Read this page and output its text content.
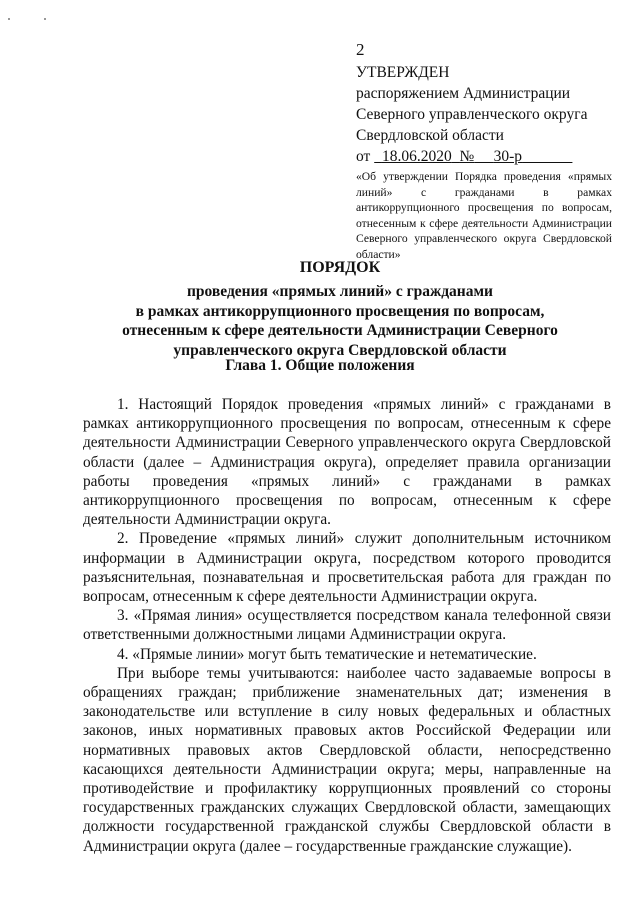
2
УТВЕРЖДЕН
распоряжением Администрации
Северного управленческого округа
Свердловской области
от 18.06.2020 № 30-р
«Об утверждении Порядка проведения «прямых линий» с гражданами в рамках антикоррупционного просвещения по вопросам, отнесенным к сфере деятельности Администрации Северного управленческого округа Свердловской области»
ПОРЯДОК
проведения «прямых линий» с гражданами
в рамках антикоррупционного просвещения по вопросам,
отнесенным к сфере деятельности Администрации Северного
управленческого округа Свердловской области
Глава 1. Общие положения

1. Настоящий Порядок проведения «прямых линий» с гражданами в рамках антикоррупционного просвещения по вопросам, отнесенным к сфере деятельности Администрации Северного управленческого округа Свердловской области (далее – Администрация округа), определяет правила организации работы проведения «прямых линий» с гражданами в рамках антикоррупционного просвещения по вопросам, отнесенным к сфере деятельности Администрации округа.

2. Проведение «прямых линий» служит дополнительным источником информации в Администрации округа, посредством которого проводится разъяснительная, познавательная и просветительская работа для граждан по вопросам, отнесенным к сфере деятельности Администрации округа.

3. «Прямая линия» осуществляется посредством канала телефонной связи ответственными должностными лицами Администрации округа.

4. «Прямые линии» могут быть тематические и нетематические.

При выборе темы учитываются: наиболее часто задаваемые вопросы в обращениях граждан; приближение знаменательных дат; изменения в законодательстве или вступление в силу новых федеральных и областных законов, иных нормативных правовых актов Российской Федерации или нормативных правовых актов Свердловской области, непосредственно касающихся деятельности Администрации округа; меры, направленные на противодействие и профилактику коррупционных проявлений со стороны государственных гражданских служащих Свердловской области, замещающих должности государственной гражданской службы Свердловской области в Администрации округа (далее – государственные гражданские служащие).
